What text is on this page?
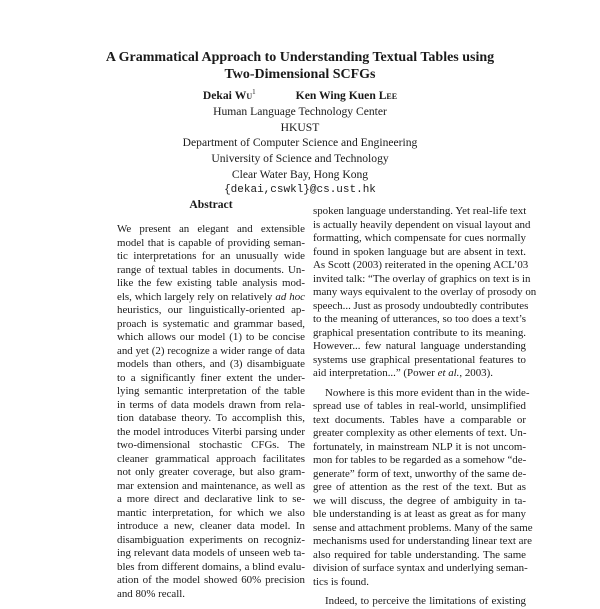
A Grammatical Approach to Understanding Textual Tables using
Two-Dimensional SCFGs
Dekai Wu$^1$	Ken Wing Kuen Lee
Human Language Technology Center
HKUST
Department of Computer Science and Engineering
University of Science and Technology
Clear Water Bay, Hong Kong
{dekai,cswkl}@cs.ust.hk
Abstract
We present an elegant and extensible
model that is capable of providing seman-
tic interpretations for an unusually wide
range of textual tables in documents. Un-
like the few existing table analysis mod-
els, which largely rely on relatively ad hoc
heuristics, our linguistically-oriented ap-
proach is systematic and grammar based,
which allows our model (1) to be concise
and yet (2) recognize a wider range of data
models than others, and (3) disambiguate
to a significantly finer extent the under-
lying semantic interpretation of the table
in terms of data models drawn from rela-
tion database theory. To accomplish this,
the model introduces Viterbi parsing under
two-dimensional stochastic CFGs. The
cleaner grammatical approach facilitates
not only greater coverage, but also gram-
mar extension and maintenance, as well as
a more direct and declarative link to se-
mantic interpretation, for which we also
introduce a new, cleaner data model. In
disambiguation experiments on recogniz-
ing relevant data models of unseen web ta-
bles from different domains, a blind evalu-
ation of the model showed 60% precision
and 80% recall.
spoken language understanding. Yet real-life text
is actually heavily dependent on visual layout and
formatting, which compensate for cues normally
found in spoken language but are absent in text.
As Scott (2003) reiterated in the opening ACL’03
invited talk: “The overlay of graphics on text is in
many ways equivalent to the overlay of prosody on
speech... Just as prosody undoubtedly contributes
to the meaning of utterances, so too does a text’s
graphical presentation contribute to its meaning.
However... few natural language understanding
systems use graphical presentational features to
aid interpretation...” (Power et al., 2003).
Nowhere is this more evident than in the wide-
spread use of tables in real-world, unsimplified
text documents. Tables have a comparable or
greater complexity as other elements of text. Un-
fortunately, in mainstream NLP it is not uncom-
mon for tables to be regarded as a somehow “de-
generate” form of text, unworthy of the same de-
gree of attention as the rest of the text. But as
we will discuss, the degree of ambiguity in ta-
ble understanding is at least as great as for many
sense and attachment problems. Many of the same
mechanisms used for understanding linear text are
also required for table understanding. The same
division of surface syntax and underlying seman-
tics is found.
Indeed, to perceive the limitations of existing
